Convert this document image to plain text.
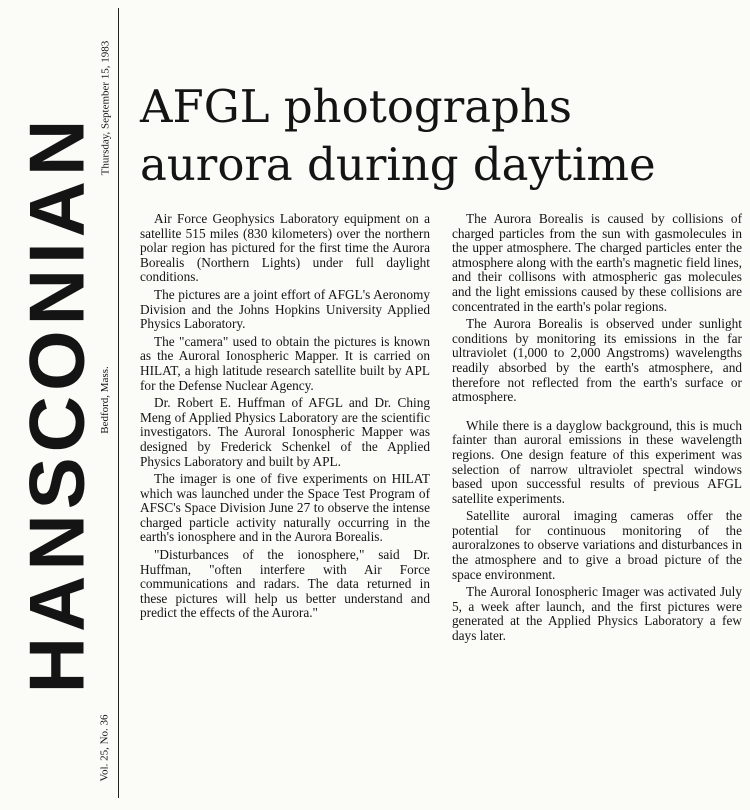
HANSCONIAN
Thursday, September 15, 1983
Bedford, Mass.
Vol. 25, No. 36
AFGL photographs
aurora during daytime

Air Force Geophysics Laboratory equipment on a satellite 515 miles (830 kilometers) over the northern polar region has pictured for the first time the Aurora Borealis (Northern Lights) under full daylight conditions.

The pictures are a joint effort of AFGL's Aeronomy Division and the Johns Hopkins University Applied Physics Laboratory.

The "camera" used to obtain the pictures is known as the Auroral Ionospheric Mapper. It is carried on HILAT, a high latitude research satellite built by APL for the Defense Nuclear Agency.

Dr. Robert E. Huffman of AFGL and Dr. Ching Meng of Applied Physics Laboratory are the scientific investigators. The Auroral Ionospheric Mapper was designed by Frederick Schenkel of the Applied Physics Laboratory and built by APL.

The imager is one of five experiments on HILAT which was launched under the Space Test Program of AFSC's Space Division June 27 to observe the intense charged particle activity naturally occurring in the earth's ionosphere and in the Aurora Borealis.

"Disturbances of the ionosphere," said Dr. Huffman, "often interfere with Air Force communications and radars. The data returned in these pictures will help us better understand and predict the effects of the Aurora."

The Aurora Borealis is caused by collisions of charged particles from the sun with gasmolecules in the upper atmosphere. The charged particles enter the atmosphere along with the earth's magnetic field lines, and their collisons with atmospheric gas molecules and the light emissions caused by these collisions are concentrated in the earth's polar regions.

The Aurora Borealis is observed under sunlight conditions by monitoring its emissions in the far ultraviolet (1,000 to 2,000 Angstroms) wavelengths readily absorbed by the earth's atmosphere, and therefore not reflected from the earth's surface or atmosphere.

While there is a dayglow background, this is much fainter than auroral emissions in these wavelength regions. One design feature of this experiment was selection of narrow ultraviolet spectral windows based upon successful results of previous AFGL satellite experiments.

Satellite auroral imaging cameras offer the potential for continuous monitoring of the auroralzones to observe variations and disturbances in the atmosphere and to give a broad picture of the space environment.

The Auroral Ionospheric Imager was activated July 5, a week after launch, and the first pictures were generated at the Applied Physics Laboratory a few days later.
